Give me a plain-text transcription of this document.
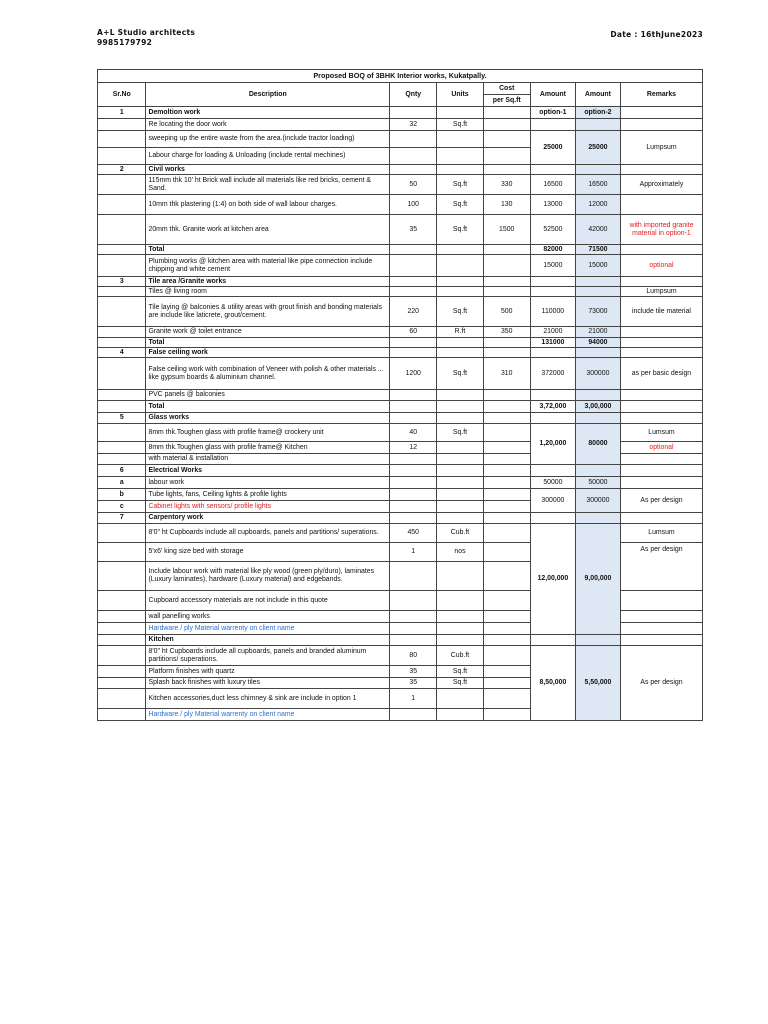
A+L Studio architects
9985179792
Date : 16thJune2023
Proposed BOQ of 3BHK Interior works, Kukatpally.							
Sr.No	Description	Qnty	Units	Cost	Amount	Amount	Remarks
				per Sq.ft			
1	Demoltion work				option-1	option-2	
	Re locating the door work	32	Sq.ft				
	sweeping up the entire waste from the area.(include tractor loading)				25000	25000	Lumpsum
	Labour charge for loading & Unloading (include rental mechines)						
2	Civil works						
	115mm thk 10' ht Brick wall include all materials like red bricks, cement & Sand.	50	Sq.ft	330	16500	16500	Approximately
	10mm thk plastering (1:4) on both side of wall labour charges.	100	Sq.ft	130	13000	12000	
	20mm thk. Granite work at kitchen area	35	Sq.ft	1500	52500	42000	with imported granite material in option-1
	Total				82000	71500	
	Plumbing works @ kitchen area with material like pipe connection include chipping and white cement				15000	15000	optional
3	Tile area /Granite works						
	Tiles @ living room						Lumpsum
	Tile laying @ balconies & utility areas with grout finish and bonding materials are include like laticrete, grout/cement.	220	Sq.ft	500	110000	73000	include tile material
	Granite work @ toilet entrance	60	R.ft	350	21000	21000	
	Total				131000	94000	
4	False ceiling work						
	False ceiling work with combination of Veneer with polish & other materials ... like gypsum boards & aluminium channel.	1200	Sq.ft	310	372000	300000	as per basic design
	PVC panels @ balconies						
	Total				3,72,000	3,00,000	
5	Glass works						
	8mm thk.Toughen glass with profile frame@ crockery unit	40	Sq.ft		1,20,000	80000	Lumsum
	8mm thk.Toughen glass with profile frame@ Kitchen	12					optional
	with material & installation						
6	Electrical Works						
a	labour work				50000	50000	
b	Tube lights, fans, Ceiling lights & profile lights				300000	300000	As per design
c	Cabinet lights with sensors/ profile lights						
7	Carpentory work						
	8'0" ht Cupboards include all cupboards, panels and partitions/ superations.	450	Cub.ft		12,00,000	9,00,000	Lumsum
	5'x6' king size bed with storage	1	nos				As per design
	Include labour work with material like ply wood (green ply/duro), laminates (Luxury laminates), hardware (Luxury material) and edgebands.						
	Cupboard accessory materials are not include in this quote						
	wall panelling works						
	Hardware / ply Material warrenty on client name						
	Kitchen						
	8'0" ht Cupboards include all cupboards, panels and branded aluminum partitions/ superations.	80	Cub.ft		8,50,000	5,50,000	As per design
	Platform finishes with quartz	35	Sq.ft				
	Splash back finishes with luxury tiles	35	Sq.ft				
	Kitchen accessories,duct less chimney & sink are include in option 1	1					
	Hardware / ply Material warrenty on client name						
